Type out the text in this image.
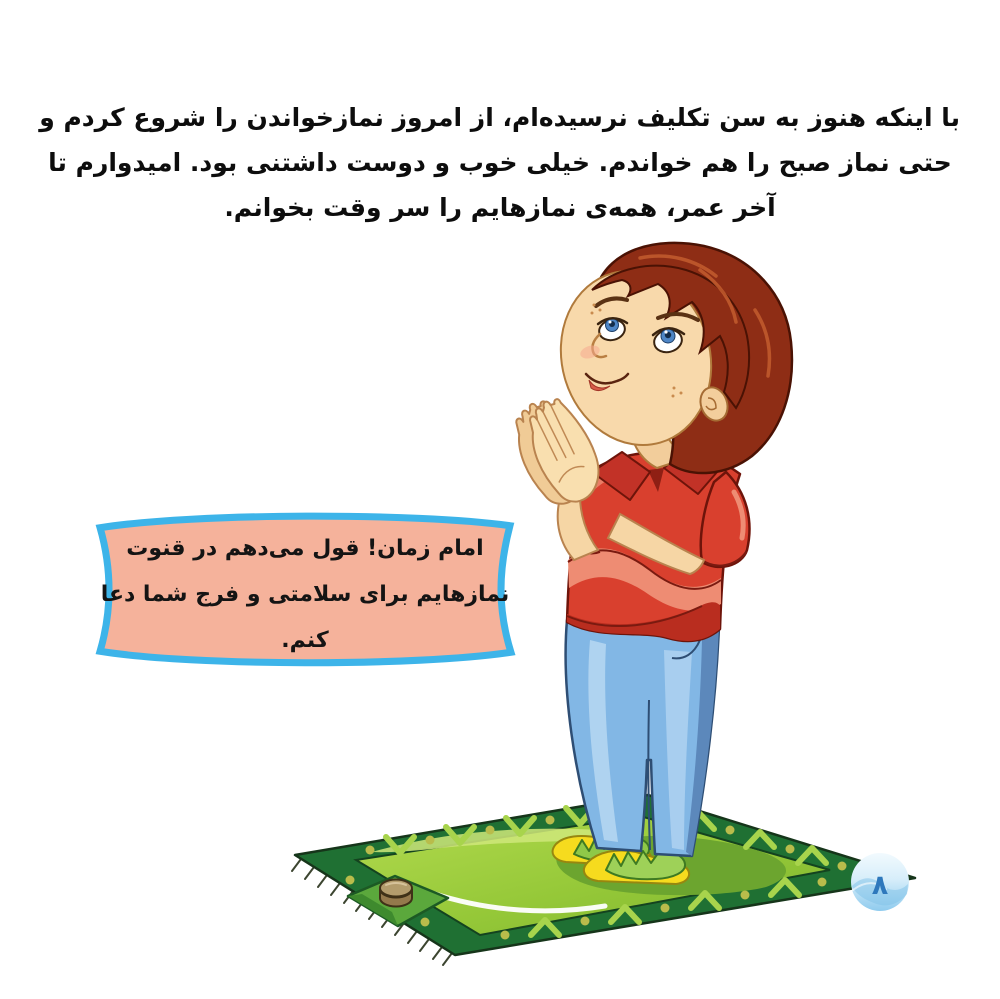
با اینکه هنوز به سن تکلیف نرسیده‌ام، از امروز نمازخواندن را شروع کردم و
حتی نماز صبح را هم خواندم. خیلی خوب و دوست داشتنی بود. امیدوارم تا
آخر عمر، همه‌ی نمازهایم را سر وقت بخوانم.
۸
امام زمان! قول می‌دهم در قنوت
نمازهایم برای سلامتی و فرج شما دعا
کنم.
